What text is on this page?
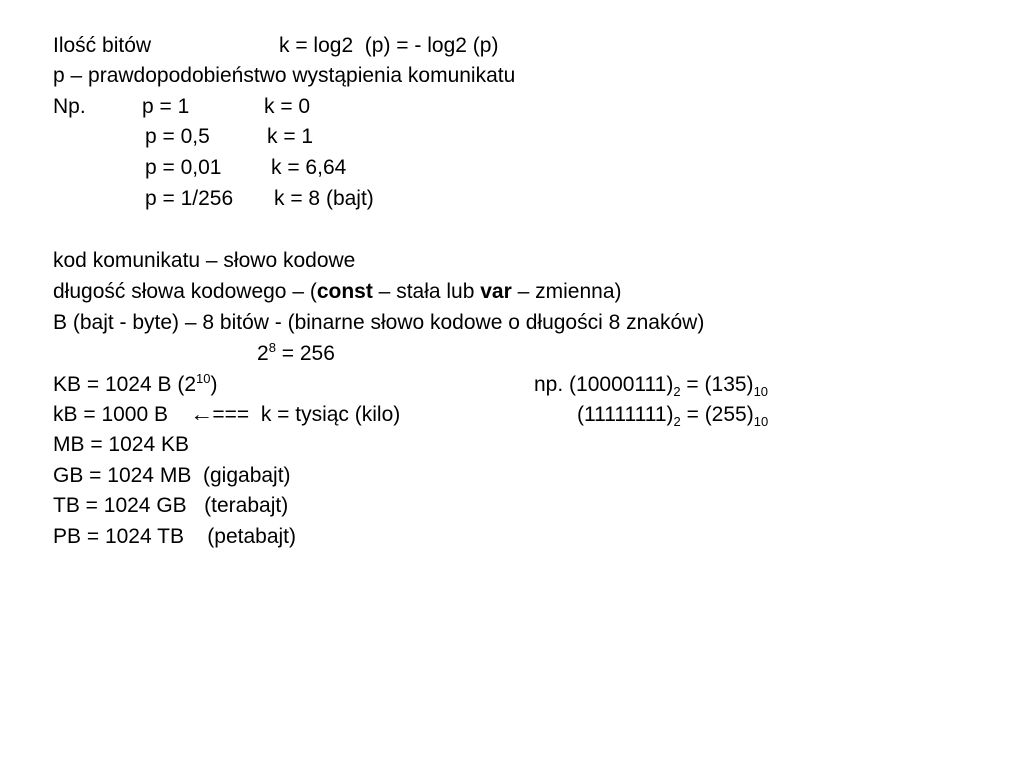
Ilość bitów	k = log2  (p) = - log2 (p)
p – prawdopodobieństwo wystąpienia komunikatu
Np.	p = 1	k = 0
p = 0,5	k = 1
p = 0,01 k = 6,64
p = 1/256 k = 8 (bajt)
kod komunikatu – słowo kodowe
długość słowa kodowego – (const – stała lub var – zmienna)
B (bajt - byte) – 8 bitów - (binarne słowo kodowe o długości 8 znaków)
$2^8 = 256$
KB = 1024 B $(2^{10})$	np. $(10000111)_2 = (135)_{10}$
kB = 1000 B ←=== k = tysiąc (kilo)	$(11111111)_2 = (255)_{10}$
MB = 1024 KB
GB = 1024 MB  (gigabajt)
TB = 1024 GB   (terabajt)
PB = 1024 TB    (petabajt)
